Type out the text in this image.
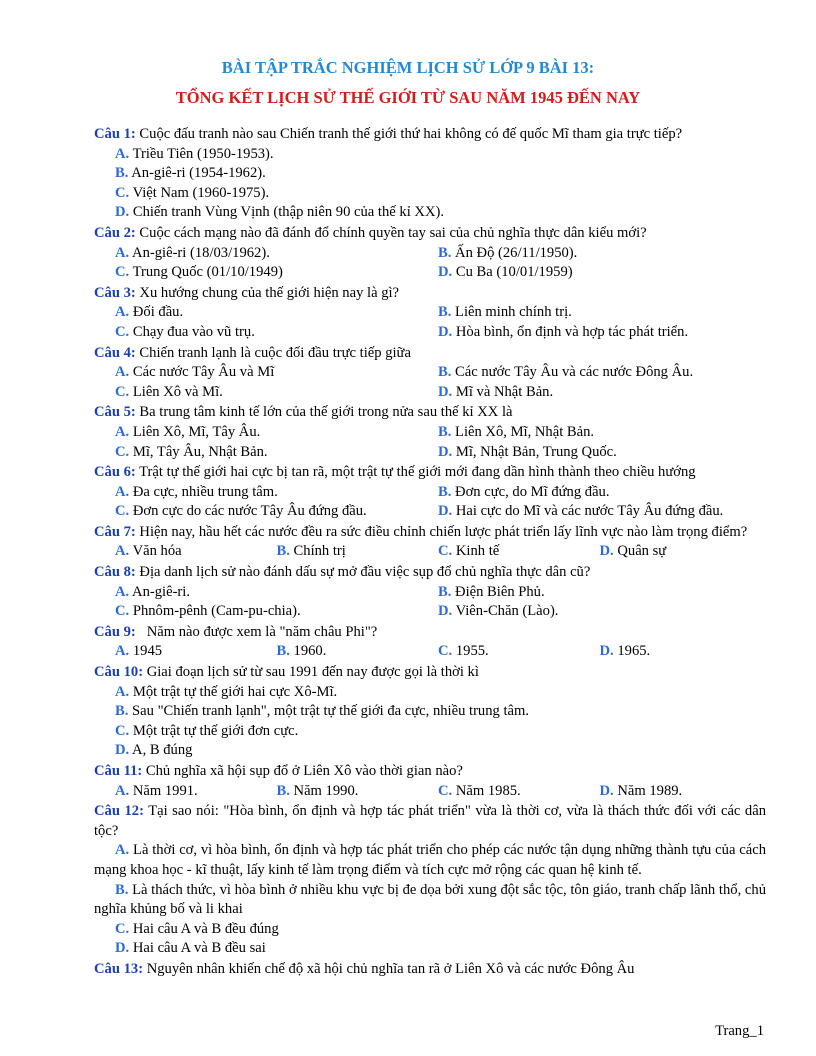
BÀI TẬP TRẮC NGHIỆM LỊCH SỬ LỚP 9 BÀI 13:
TỔNG KẾT LỊCH SỬ THẾ GIỚI TỪ SAU NĂM 1945 ĐẾN NAY
Câu 1: Cuộc đấu tranh nào sau Chiến tranh thế giới thứ hai không có đế quốc Mĩ tham gia trực tiếp?
A. Triều Tiên (1950-1953).
B. An-giê-ri (1954-1962).
C. Việt Nam (1960-1975).
D. Chiến tranh Vùng Vịnh (thập niên 90 của thế kỉ XX).
Câu 2: Cuộc cách mạng nào đã đánh đổ chính quyền tay sai của chủ nghĩa thực dân kiểu mới?
A. An-giê-ri (18/03/1962).	B. Ấn Độ (26/11/1950).
C. Trung Quốc (01/10/1949)	D. Cu Ba (10/01/1959)
Câu 3: Xu hướng chung của thế giới hiện nay là gì?
A. Đối đầu.	B. Liên minh chính trị.
C. Chạy đua vào vũ trụ.	D. Hòa bình, ổn định và hợp tác phát triển.
Câu 4: Chiến tranh lạnh là cuộc đối đầu trực tiếp giữa
A. Các nước Tây Âu và Mĩ	B. Các nước Tây Âu và các nước Đông Âu.
C. Liên Xô và Mĩ.	D. Mĩ và Nhật Bản.
Câu 5: Ba trung tâm kinh tế lớn của thế giới trong nửa sau thế kỉ XX là
A. Liên Xô, Mĩ, Tây Âu.	B. Liên Xô, Mĩ, Nhật Bản.
C. Mĩ, Tây Âu, Nhật Bản.	D. Mĩ, Nhật Bản, Trung Quốc.
Câu 6: Trật tự thế giới hai cực bị tan rã, một trật tự thế giới mới đang dần hình thành theo chiều hướng
A. Đa cực, nhiều trung tâm.	B. Đơn cực, do Mĩ đứng đầu.
C. Đơn cực do các nước Tây Âu đứng đầu.	D. Hai cực do Mĩ và các nước Tây Âu đứng đầu.
Câu 7: Hiện nay, hầu hết các nước đều ra sức điều chỉnh chiến lược phát triển lấy lĩnh vực nào làm trọng điểm?
A. Văn hóa	B. Chính trị	C. Kinh tế	D. Quân sự
Câu 8: Địa danh lịch sử nào đánh dấu sự mở đầu việc sụp đổ chủ nghĩa thực dân cũ?
A. An-giê-ri.	B. Điện Biên Phủ.
C. Phnôm-pênh (Cam-pu-chia).	D. Viên-Chăn (Lào).
Câu 9:   Năm nào được xem là "năm châu Phi"?
A. 1945	B. 1960.	C. 1955.	D. 1965.
Câu 10: Giai đoạn lịch sử từ sau 1991 đến nay được gọi là thời kì
A. Một trật tự thế giới hai cực Xô-Mĩ.
B. Sau "Chiến tranh lạnh", một trật tự thế giới đa cực, nhiều trung tâm.
C. Một trật tự thế giới đơn cực.
D. A, B đúng
Câu 11: Chủ nghĩa xã hội sụp đổ ở Liên Xô vào thời gian nào?
A. Năm 1991.	B. Năm 1990.	C. Năm 1985.	D. Năm 1989.
Câu 12: Tại sao nói: "Hòa bình, ổn định và hợp tác phát triển" vừa là thời cơ, vừa là thách thức đối với các dân tộc?
A. Là thời cơ, vì hòa bình, ổn định và hợp tác phát triển cho phép các nước tận dụng những thành tựu của cách mạng khoa học - kĩ thuật, lấy kinh tế làm trọng điểm và tích cực mở rộng các quan hệ kinh tế.
B. Là thách thức, vì hòa bình ở nhiều khu vực bị đe dọa bởi xung đột sắc tộc, tôn giáo, tranh chấp lãnh thổ, chủ nghĩa khủng bố và li khai
C. Hai câu A và B đều đúng
D. Hai câu A và B đều sai
Câu 13: Nguyên nhân khiến chế độ xã hội chủ nghĩa tan rã ở Liên Xô và các nước Đông Âu
Trang_1
